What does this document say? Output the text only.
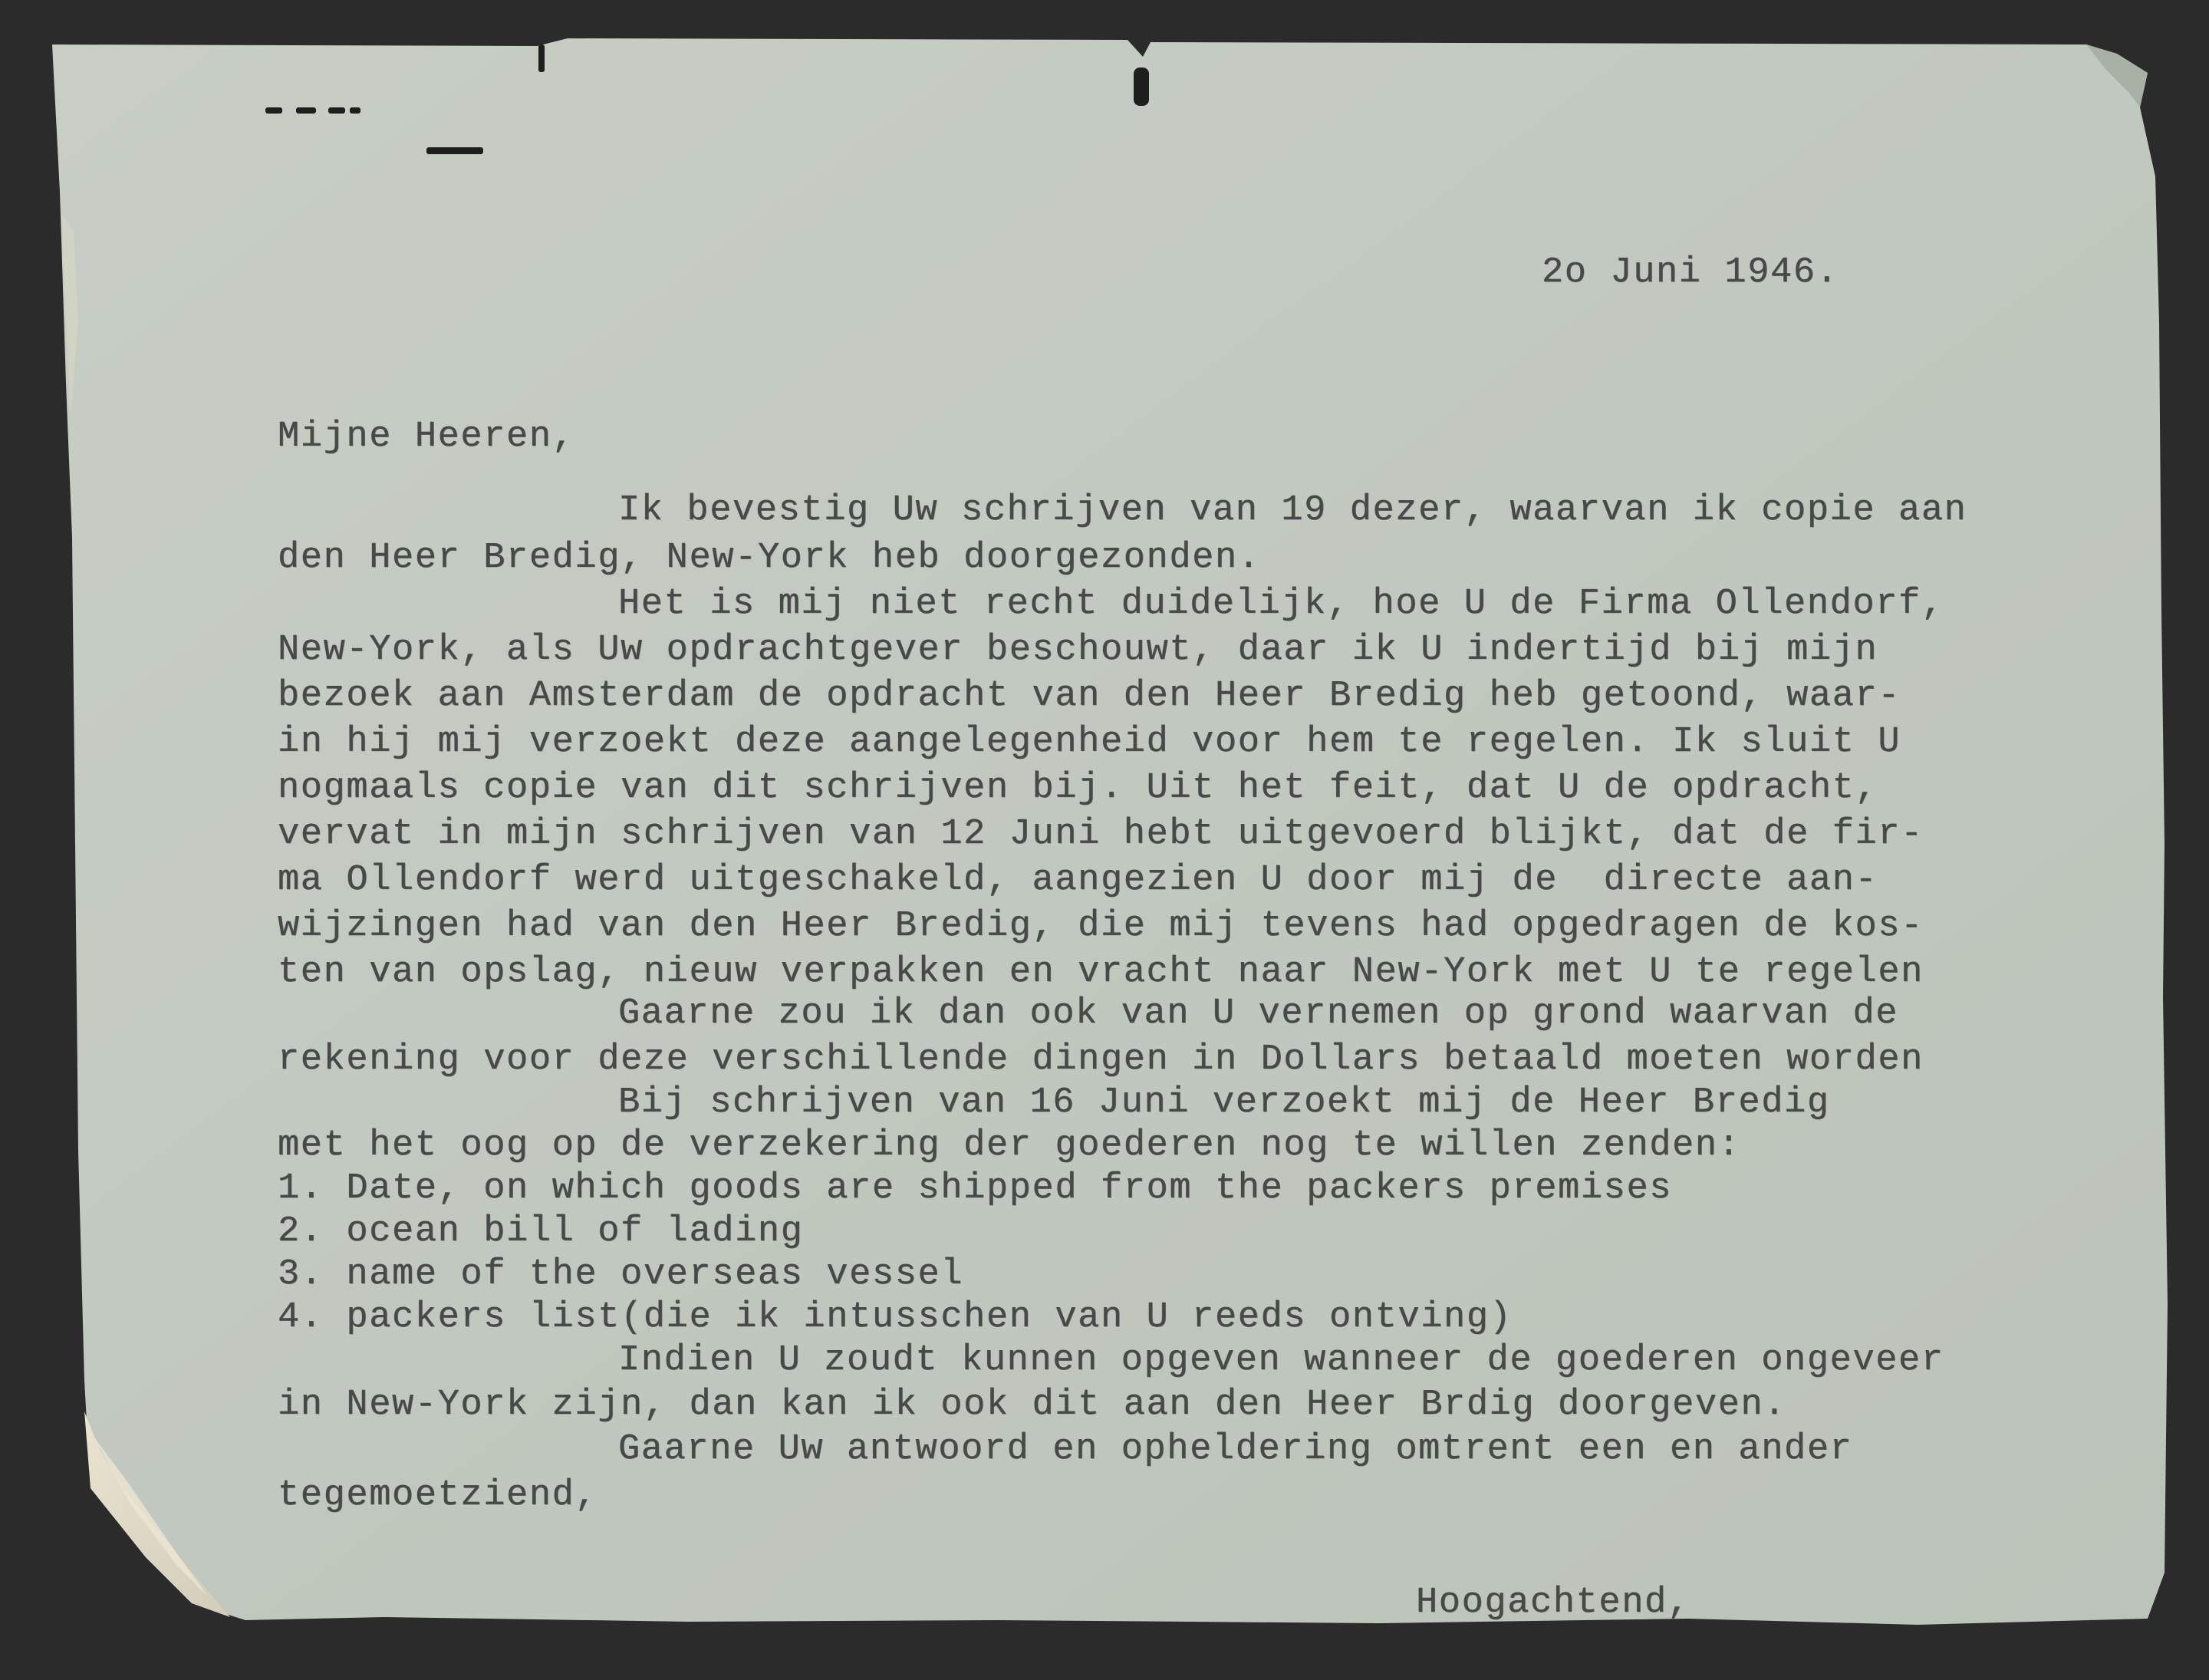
2o Juni 1946.
Mijne Heeren,
Ik bevestig Uw schrijven van 19 dezer, waarvan ik copie aan
den Heer Bredig, New-York heb doorgezonden.
Het is mij niet recht duidelijk, hoe U de Firma Ollendorf,
New-York, als Uw opdrachtgever beschouwt, daar ik U indertijd bij mijn
bezoek aan Amsterdam de opdracht van den Heer Bredig heb getoond, waar-
in hij mij verzoekt deze aangelegenheid voor hem te regelen. Ik sluit U
nogmaals copie van dit schrijven bij. Uit het feit, dat U de opdracht,
vervat in mijn schrijven van 12 Juni hebt uitgevoerd blijkt, dat de fir-
ma Ollendorf werd uitgeschakeld, aangezien U door mij de  directe aan-
wijzingen had van den Heer Bredig, die mij tevens had opgedragen de kos-
ten van opslag, nieuw verpakken en vracht naar New-York met U te regelen
Gaarne zou ik dan ook van U vernemen op grond waarvan de
rekening voor deze verschillende dingen in Dollars betaald moeten worden
Bij schrijven van 16 Juni verzoekt mij de Heer Bredig
met het oog op de verzekering der goederen nog te willen zenden:
1. Date, on which goods are shipped from the packers premises
2. ocean bill of lading
3. name of the overseas vessel
4. packers list(die ik intusschen van U reeds ontving)
Indien U zoudt kunnen opgeven wanneer de goederen ongeveer
in New-York zijn, dan kan ik ook dit aan den Heer Brdig doorgeven.
Gaarne Uw antwoord en opheldering omtrent een en ander
tegemoetziend,
Hoogachtend,
